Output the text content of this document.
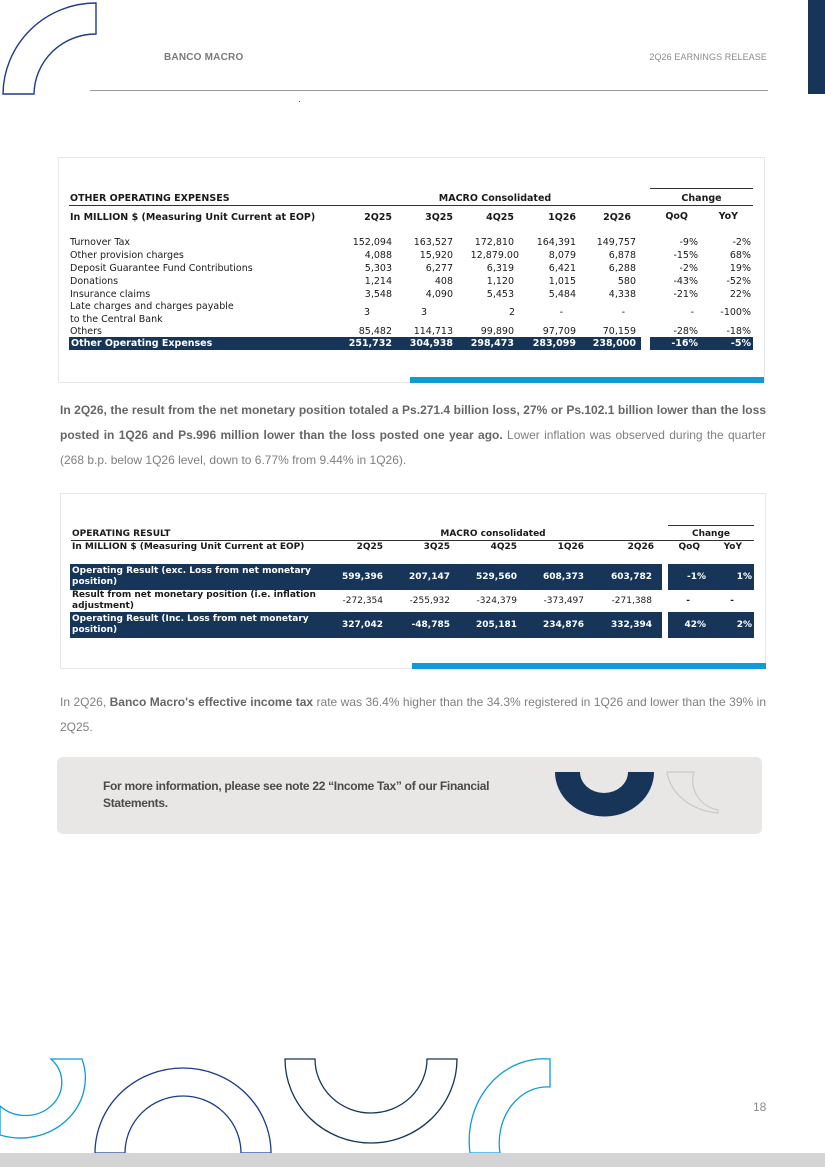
BANCO MACRO	2Q26 EARNINGS RELEASE
OTHER OPERATING EXPENSES	MACRO Consolidated	Change
In MILLION $ (Measuring Unit Current at EOP)	2Q25	3Q25	4Q25	1Q26	2Q26	QoQ	YoY
Turnover Tax	152,094	163,527	172,810	164,391	149,757	-9%	-2%
Other provision charges	4,088	15,920	12,879.00	8,079	6,878	-15%	68%
Deposit Guarantee Fund Contributions	5,303	6,277	6,319	6,421	6,288	-2%	19%
Donations	1,214	408	1,120	1,015	580	-43%	-52%
Insurance claims	3,548	4,090	5,453	5,484	4,338	-21%	22%
Late charges and charges payable
to the Central Bank
3	3	2	-	-	-	-100%
Others	85,482	114,713	99,890	97,709	70,159	-28%	-18%
Other Operating Expenses	251,732	304,938	298,473	283,099	238,000	-16%	-5%
In 2Q26, the result from the net monetary position totaled a Ps.271.4 billion loss, 27% or Ps.102.1 billion lower than the loss posted in 1Q26 and Ps.996 million lower than the loss posted one year ago. Lower inflation was observed during the quarter (268 b.p. below 1Q26 level, down to 6.77% from 9.44% in 1Q26).
OPERATING RESULT	MACRO consolidated	Change
In MILLION $ (Measuring Unit Current at EOP)	2Q25	3Q25	4Q25	1Q26	2Q26	QoQ	YoY
Operating Result (exc. Loss from net monetary
position)	599,396	207,147	529,560	608,373	603,782	-1%	1%
Result from net monetary position (i.e. inflation
adjustment)	-272,354	-255,932	-324,379	-373,497	-271,388	-	-
Operating Result (Inc. Loss from net monetary
position)	327,042	-48,785	205,181	234,876	332,394	42%	2%
In 2Q26, Banco Macro's effective income tax rate was 36.4% higher than the 34.3% registered in 1Q26 and lower than the 39% in 2Q25.
For more information, please see note 22 “Income Tax” of our Financial Statements.
18
